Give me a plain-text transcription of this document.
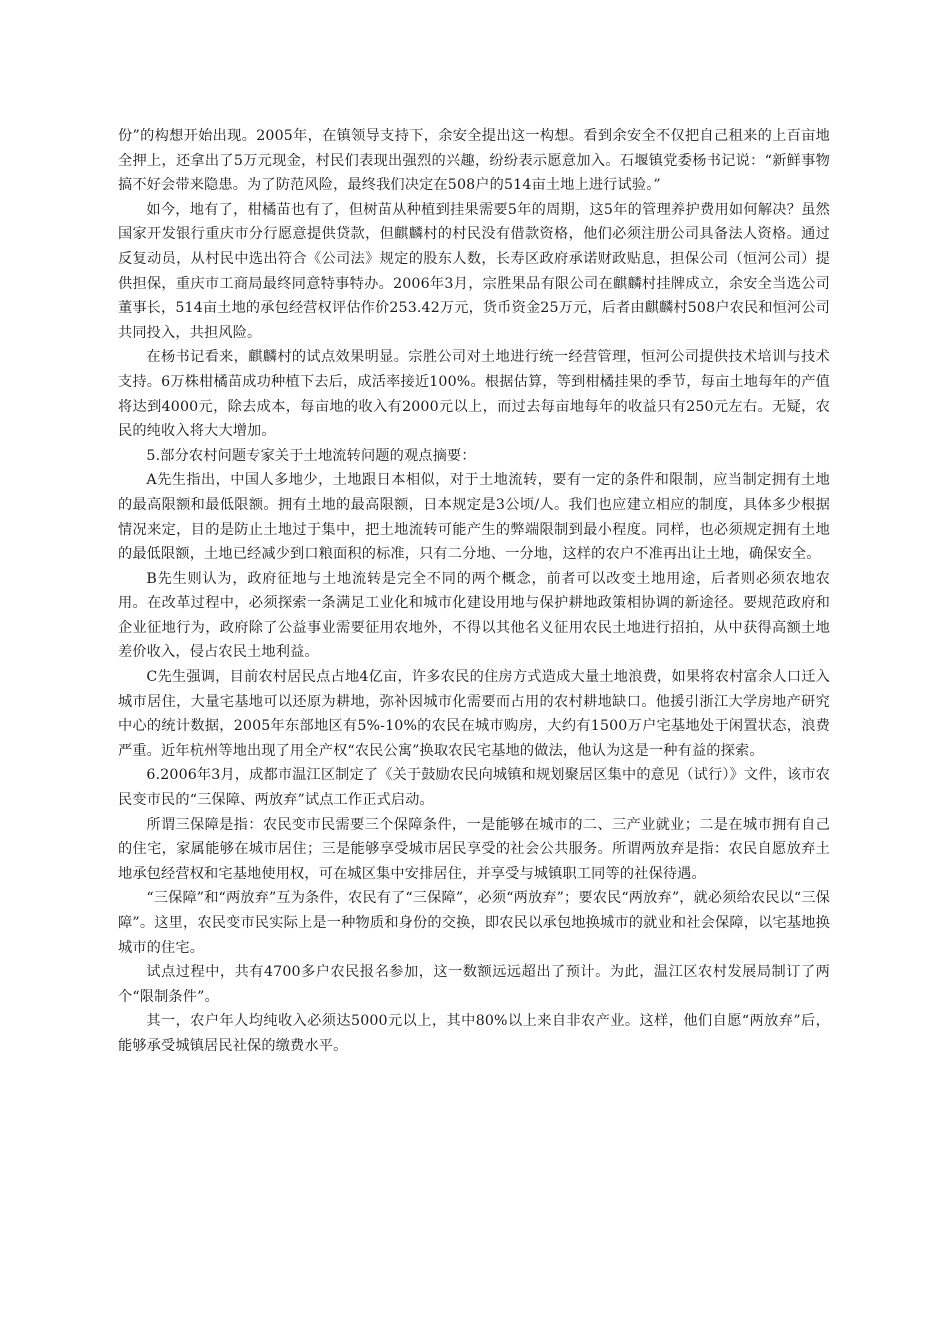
份”的构想开始出现。2005年，在镇领导支持下，余安全提出这一构想。看到余安全不仅把自己租来的上百亩地全押上，还拿出了5万元现金，村民们表现出强烈的兴趣，纷纷表示愿意加入。石堰镇党委杨书记说：“新鲜事物搞不好会带来隐患。为了防范风险，最终我们决定在508户的514亩土地上进行试验。”

如今，地有了，柑橘苗也有了，但树苗从种植到挂果需要5年的周期，这5年的管理养护费用如何解决？虽然国家开发银行重庆市分行愿意提供贷款，但麒麟村的村民没有借款资格，他们必须注册公司具备法人资格。通过反复动员，从村民中选出符合《公司法》规定的股东人数，长寿区政府承诺财政贴息，担保公司（恒河公司）提供担保，重庆市工商局最终同意特事特办。2006年3月，宗胜果品有限公司在麒麟村挂牌成立，余安全当选公司董事长，514亩土地的承包经营权评估作价253.42万元，货币资金25万元，后者由麒麟村508户农民和恒河公司共同投入，共担风险。

在杨书记看来，麒麟村的试点效果明显。宗胜公司对土地进行统一经营管理，恒河公司提供技术培训与技术支持。6万株柑橘苗成功种植下去后，成活率接近100%。根据估算，等到柑橘挂果的季节，每亩土地每年的产值将达到4000元，除去成本，每亩地的收入有2000元以上，而过去每亩地每年的收益只有250元左右。无疑，农民的纯收入将大大增加。

5.部分农村问题专家关于土地流转问题的观点摘要：

A先生指出，中国人多地少，土地跟日本相似，对于土地流转，要有一定的条件和限制，应当制定拥有土地的最高限额和最低限额。拥有土地的最高限额，日本规定是3公顷/人。我们也应建立相应的制度，具体多少根据情况来定，目的是防止土地过于集中，把土地流转可能产生的弊端限制到最小程度。同样，也必须规定拥有土地的最低限额，土地已经减少到口粮面积的标准，只有二分地、一分地，这样的农户不准再出让土地，确保安全。

B先生则认为，政府征地与土地流转是完全不同的两个概念，前者可以改变土地用途，后者则必须农地农用。在改革过程中，必须探索一条满足工业化和城市化建设用地与保护耕地政策相协调的新途径。要规范政府和企业征地行为，政府除了公益事业需要征用农地外，不得以其他名义征用农民土地进行招拍，从中获得高额土地差价收入，侵占农民土地利益。

C先生强调，目前农村居民点占地4亿亩，许多农民的住房方式造成大量土地浪费，如果将农村富余人口迁入城市居住，大量宅基地可以还原为耕地，弥补因城市化需要而占用的农村耕地缺口。他援引浙江大学房地产研究中心的统计数据，2005年东部地区有5%-10%的农民在城市购房，大约有1500万户宅基地处于闲置状态，浪费严重。近年杭州等地出现了用全产权“农民公寓”换取农民宅基地的做法，他认为这是一种有益的探索。

6.2006年3月，成都市温江区制定了《关于鼓励农民向城镇和规划聚居区集中的意见（试行）》文件，该市农民变市民的“三保障、两放弃”试点工作正式启动。

所谓三保障是指：农民变市民需要三个保障条件，一是能够在城市的二、三产业就业；二是在城市拥有自己的住宅，家属能够在城市居住；三是能够享受城市居民享受的社会公共服务。所谓两放弃是指：农民自愿放弃土地承包经营权和宅基地使用权，可在城区集中安排居住，并享受与城镇职工同等的社保待遇。

“三保障”和“两放弃”互为条件，农民有了“三保障”，必须“两放弃”；要农民“两放弃”，就必须给农民以“三保障”。这里，农民变市民实际上是一种物质和身份的交换，即农民以承包地换城市的就业和社会保障，以宅基地换城市的住宅。

试点过程中，共有4700多户农民报名参加，这一数额远远超出了预计。为此，温江区农村发展局制订了两个“限制条件”。

其一，农户年人均纯收入必须达5000元以上，其中80%以上来自非农产业。这样，他们自愿“两放弃”后，能够承受城镇居民社保的缴费水平。
